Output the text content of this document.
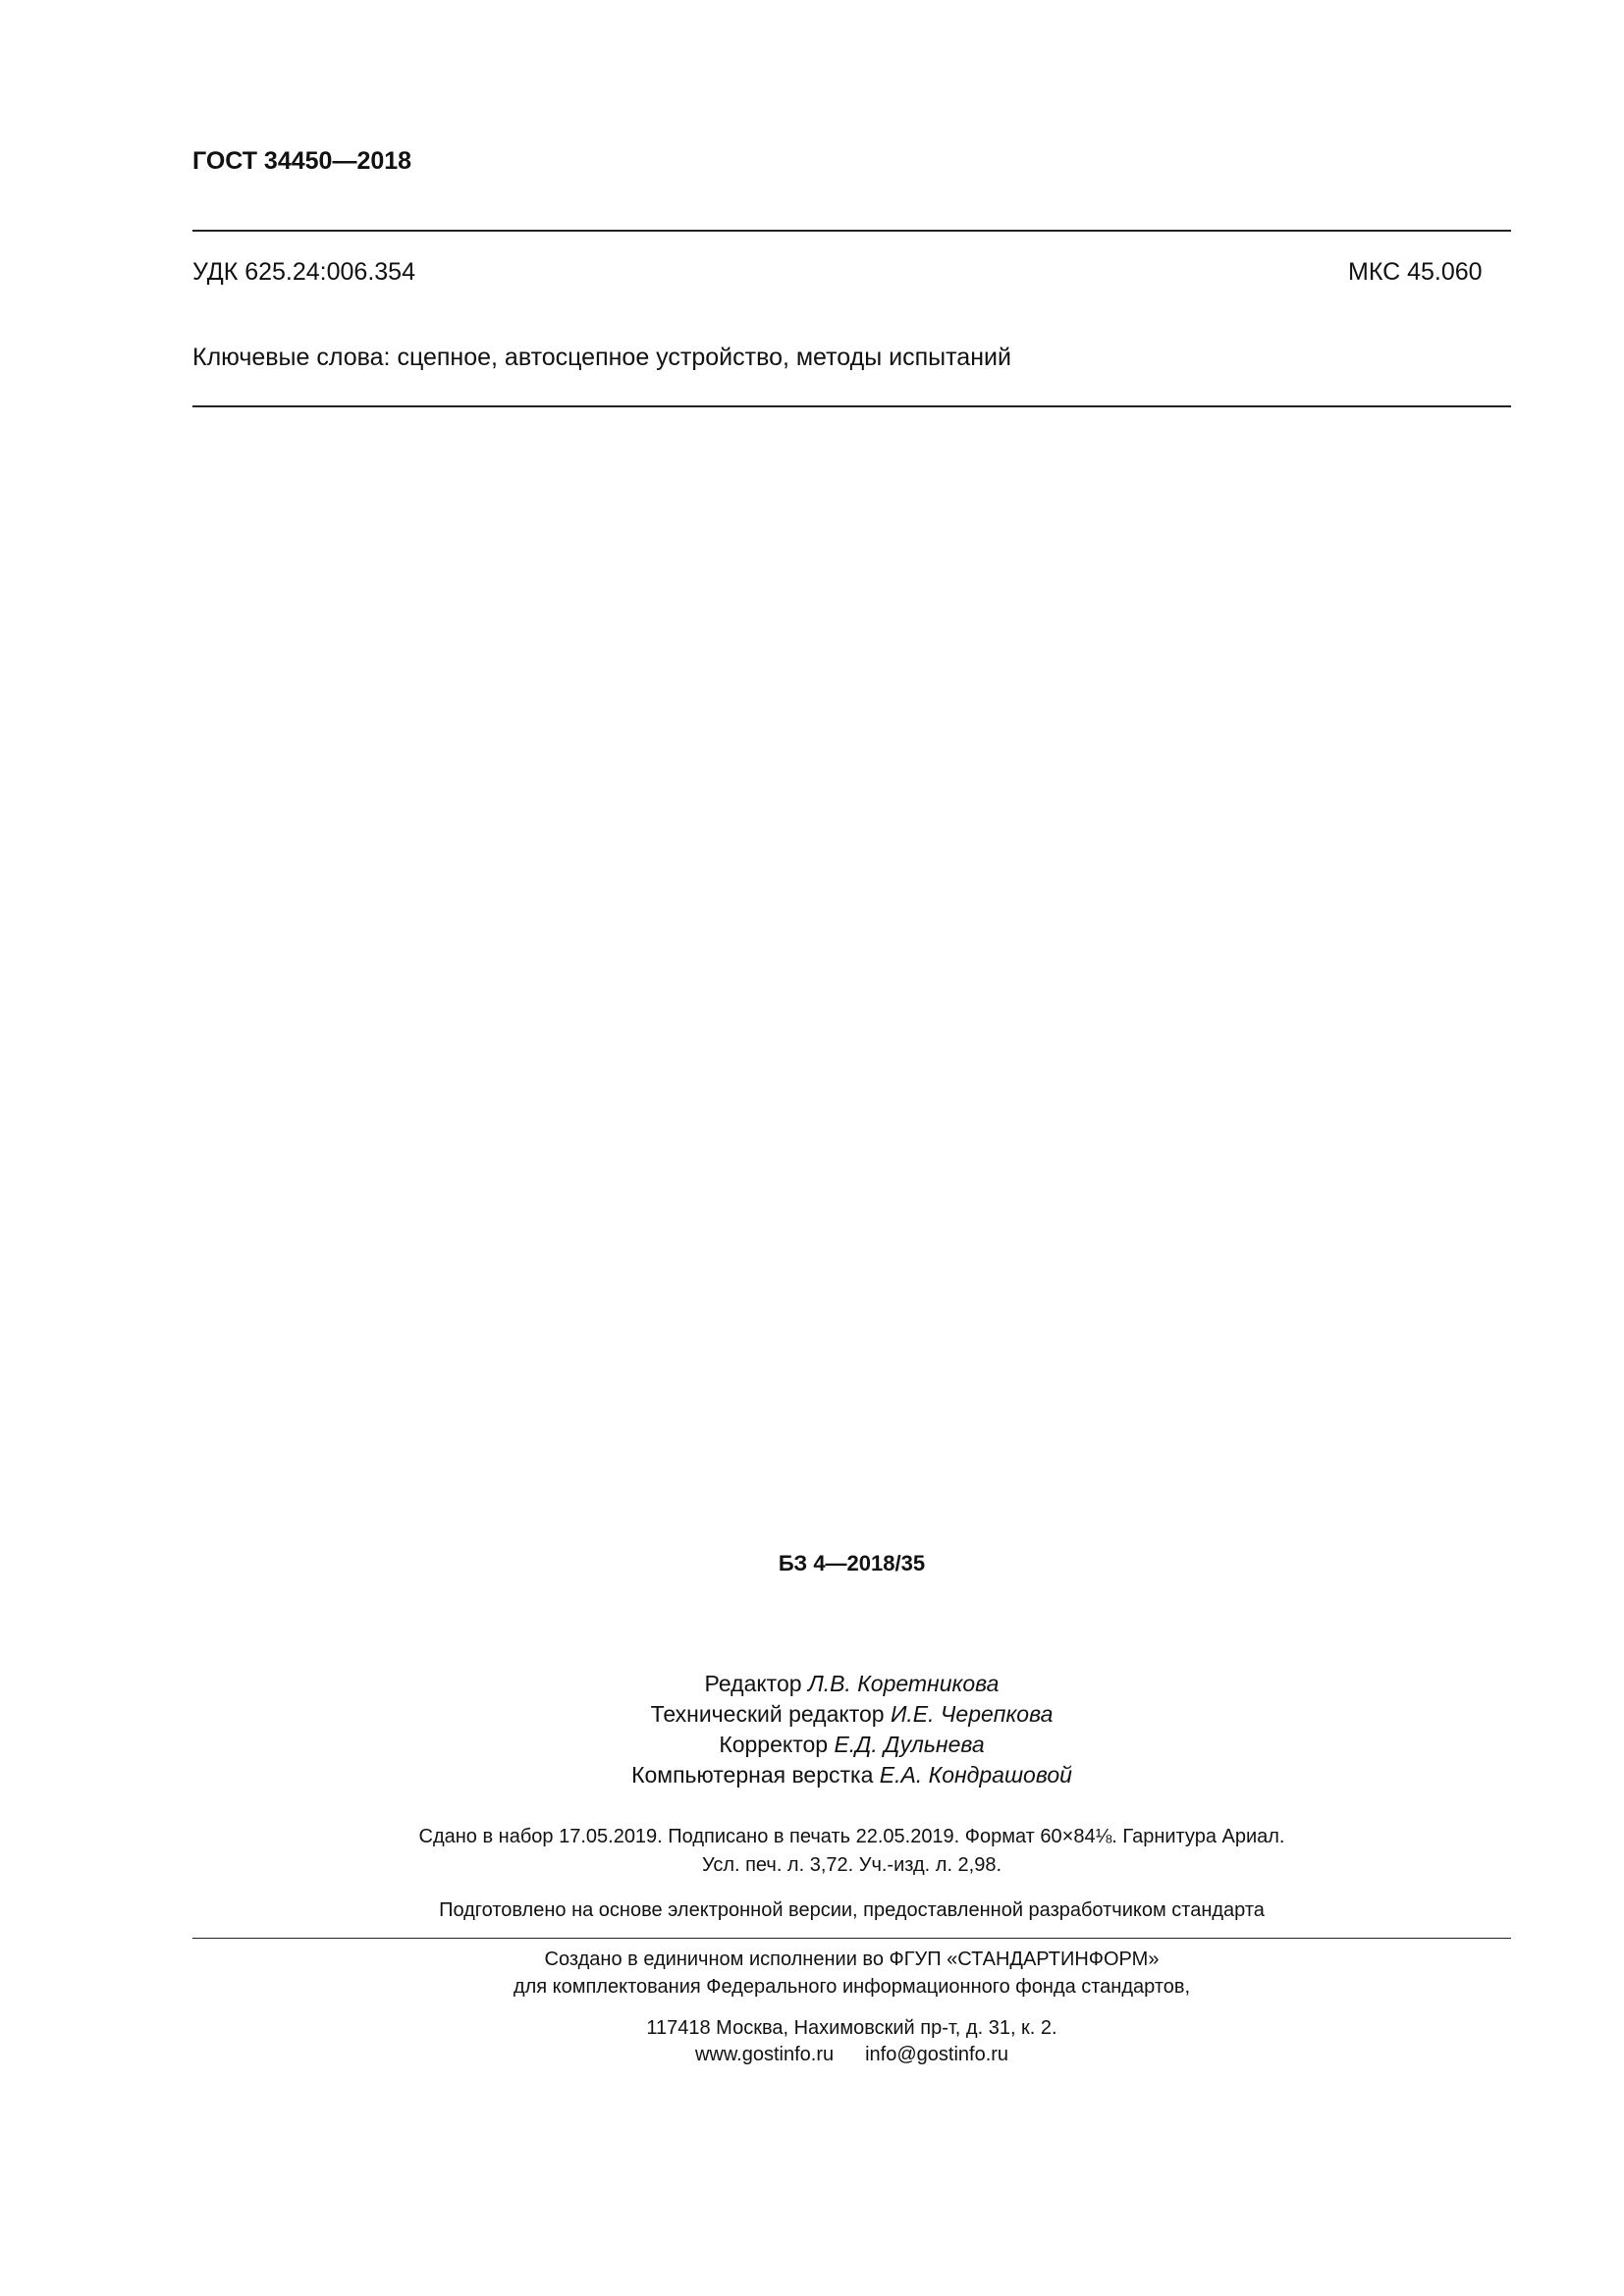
ГОСТ 34450—2018
УДК 625.24:006.354	МКС 45.060
Ключевые слова: сцепное, автосцепное устройство, методы испытаний
БЗ 4—2018/35
Редактор Л.В. Коретникова
Технический редактор И.Е. Черепкова
Корректор Е.Д. Дульнева
Компьютерная верстка Е.А. Кондрашовой
Сдано в набор 17.05.2019. Подписано в печать 22.05.2019. Формат 60×84⅛. Гарнитура Ариал.
Усл. печ. л. 3,72. Уч.-изд. л. 2,98.
Подготовлено на основе электронной версии, предоставленной разработчиком стандарта
Создано в единичном исполнении во ФГУП «СТАНДАРТИНФОРМ»
для комплектования Федерального информационного фонда стандартов,
117418 Москва, Нахимовский пр-т, д. 31, к. 2.
www.gostinfo.ru info@gostinfo.ru
